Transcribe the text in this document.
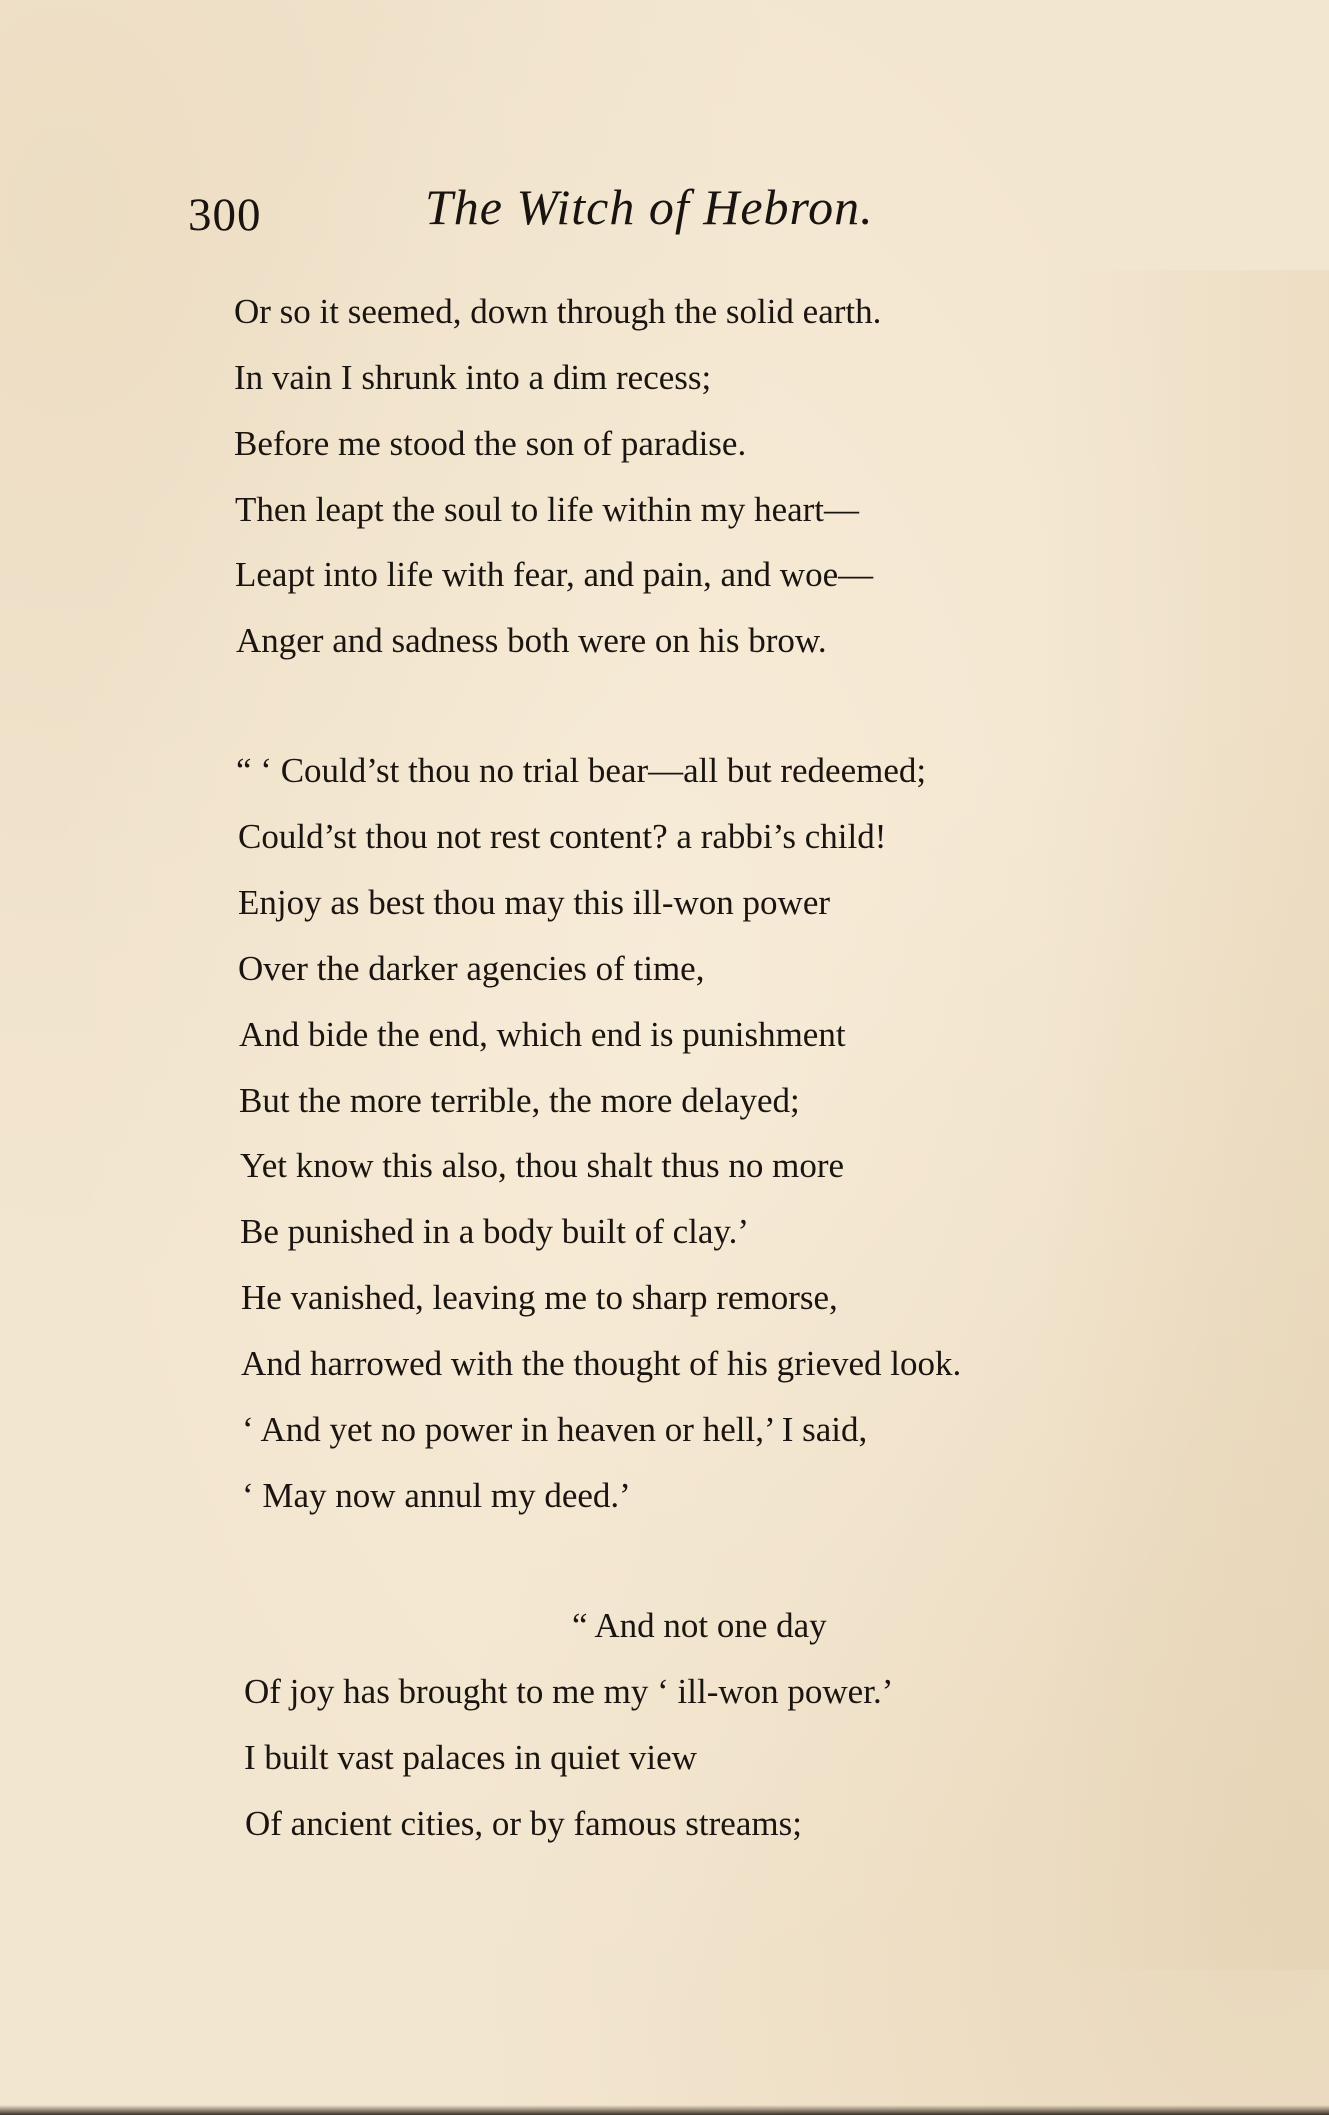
300	The Witch of Hebron.
Or so it seemed, down through the solid earth.
In vain I shrunk into a dim recess;
Before me stood the son of paradise.
Then leapt the soul to life within my heart—
Leapt into life with fear, and pain, and woe—
Anger and sadness both were on his brow.
“ ‘ Could’st thou no trial bear—all but redeemed;
Could’st thou not rest content? a rabbi’s child!
Enjoy as best thou may this ill-won power
Over the darker agencies of time,
And bide the end, which end is punishment
But the more terrible, the more delayed;
Yet know this also, thou shalt thus no more
Be punished in a body built of clay.’
He vanished, leaving me to sharp remorse,
And harrowed with the thought of his grieved look.
‘ And yet no power in heaven or hell,’ I said,
‘ May now annul my deed.’
“ And not one day
Of joy has brought to me my ‘ ill-won power.’
I built vast palaces in quiet view
Of ancient cities, or by famous streams;
